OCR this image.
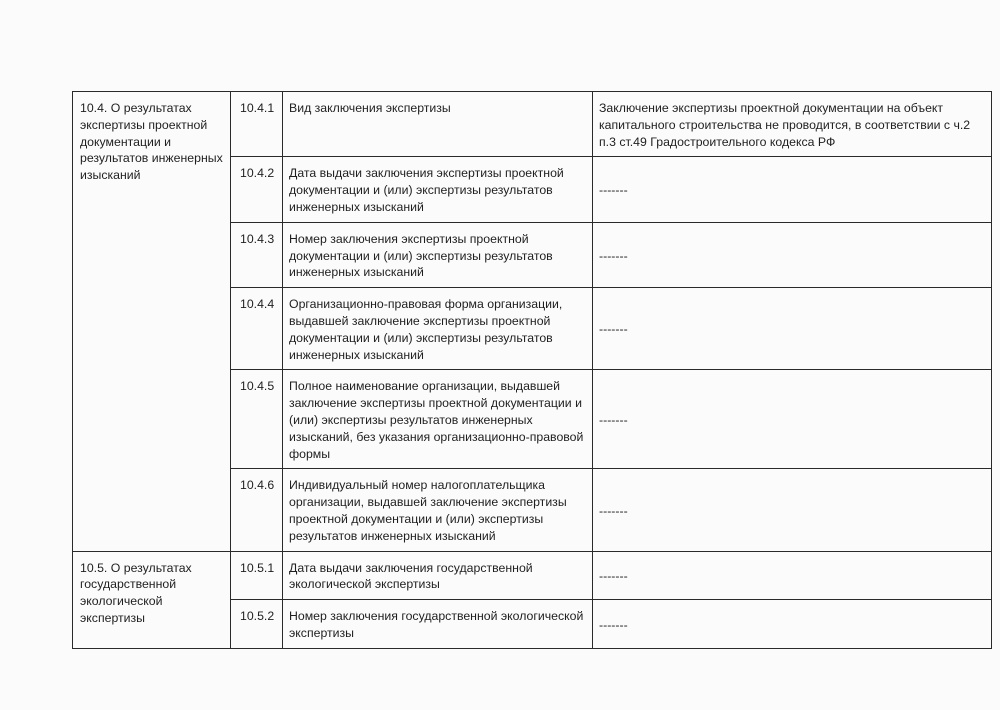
10.4. О результатах экспертизы проектной документации и результатов инженерных изысканий	10.4.1	Вид заключения экспертизы	Заключение экспертизы проектной документации на объект капитального строительства не проводится, в соответствии с ч.2 п.3 ст.49 Градостроительного кодекса РФ
	10.4.2	Дата выдачи заключения экспертизы проектной документации и (или) экспертизы результатов инженерных изысканий	-------
	10.4.3	Номер заключения экспертизы проектной документации и (или) экспертизы результатов инженерных изысканий	-------
	10.4.4	Организационно-правовая форма организации, выдавшей заключение экспертизы проектной документации и (или) экспертизы результатов инженерных изысканий	-------
	10.4.5	Полное наименование организации, выдавшей заключение экспертизы проектной документации и (или) экспертизы результатов инженерных изысканий, без указания организационно-правовой формы	-------
	10.4.6	Индивидуальный номер налогоплательщика организации, выдавшей заключение экспертизы проектной документации и (или) экспертизы результатов инженерных изысканий	-------
10.5. О результатах государственной экологической экспертизы	10.5.1	Дата выдачи заключения государственной экологической экспертизы	-------
	10.5.2	Номер заключения государственной экологической экспертизы	-------
